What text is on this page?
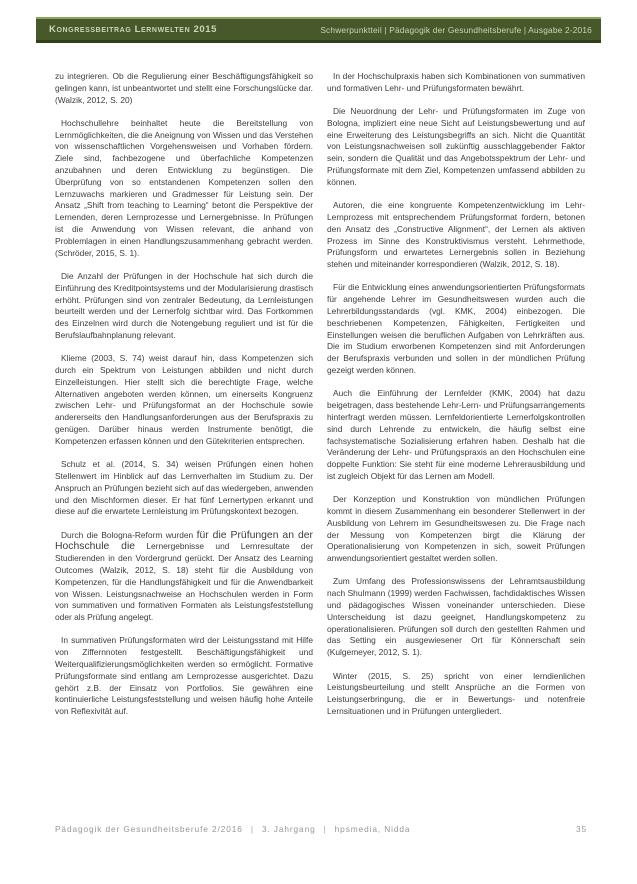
Kongressbeitrag Lernwelten 2015	Schwerpunktteil | Pädagogik der Gesundheitsberufe | Ausgabe 2-2016

zu integrieren. Ob die Regulierung einer Beschäftigungsfähigkeit so gelingen kann, ist unbeantwortet und stellt eine Forschungslücke dar. (Walzik, 2012, S. 20)

Hochschullehre beinhaltet heute die Bereitstellung von Lernmöglichkeiten, die die Aneignung von Wissen und das Verstehen von wissenschaftlichen Vorgehensweisen und Vorhaben fördern. Ziele sind, fachbezogene und überfachliche Kompetenzen anzubahnen und deren Entwicklung zu begünstigen. Die Überprüfung von so entstandenen Kompetenzen sollen den Lernzuwachs markieren und Gradmesser für Leistung sein. Der Ansatz „Shift from teaching to Learning“ betont die Perspektive der Lernenden, deren Lernprozesse und Lernergebnisse. In Prüfungen ist die Anwendung von Wissen relevant, die anhand von Problemlagen in einen Handlungszusammenhang gebracht werden. (Schröder, 2015, S. 1).

Die Anzahl der Prüfungen in der Hochschule hat sich durch die Einführung des Kreditpointsystems und der Modularisierung drastisch erhöht. Prüfungen sind von zentraler Bedeutung, da Lernleistungen beurteilt werden und der Lernerfolg sichtbar wird. Das Fortkommen des Einzelnen wird durch die Notengebung reguliert und ist für die Berufslaufbahnplanung relevant.

Klieme (2003, S. 74) weist darauf hin, dass Kompetenzen sich durch ein Spektrum von Leistungen abbilden und nicht durch Einzelleistungen. Hier stellt sich die berechtigte Frage, welche Alternativen angeboten werden können, um einerseits Kongruenz zwischen Lehr- und Prüfungsformat an der Hochschule sowie andererseits den Handlungsanforderungen aus der Berufspraxis zu genügen. Darüber hinaus werden Instrumente benötigt, die Kompetenzen erfassen können und den Gütekriterien entsprechen.

Schulz et al. (2014, S. 34) weisen Prüfungen einen hohen Stellenwert im Hinblick auf das Lernverhalten im Studium zu. Der Anspruch an Prüfungen bezieht sich auf das wiedergeben, anwenden und den Mischformen dieser. Er hat fünf Lernertypen erkannt und diese auf die erwartete Lernleistung im Prüfungskontext bezogen.

Durch die Bologna-Reform wurden für die Prüfungen an der Hochschule die Lernergebnisse und Lernresultate der Studierenden in den Vordergrund gerückt. Der Ansatz des Learning Outcomes (Walzik, 2012, S. 18) steht für die Ausbildung von Kompetenzen, für die Handlungsfähigkeit und für die Anwendbarkeit von Wissen. Leistungsnachweise an Hochschulen werden in Form von summativen und formativen Formaten als Leistungsfeststellung oder als Prüfung angelegt.

In summativen Prüfungsformaten wird der Leistungsstand mit Hilfe von Ziffernnoten festgestellt. Beschäftigungsfähigkeit und Weiterqualifizierungsmöglichkeiten werden so ermöglicht. Formative Prüfungsformate sind entlang am Lernprozesse ausgerichtet. Dazu gehört z.B. der Einsatz von Portfolios. Sie gewähren eine kontinuierliche Leistungsfeststellung und weisen häufig hohe Anteile von Reflexivität auf.

In der Hochschulpraxis haben sich Kombinationen von summativen und formativen Lehr- und Prüfungsformaten bewährt.

Die Neuordnung der Lehr- und Prüfungsformaten im Zuge von Bologna, impliziert eine neue Sicht auf Leistungsbewertung und auf eine Erweiterung des Leistungsbegriffs an sich. Nicht die Quantität von Leistungsnachweisen soll zukünftig ausschlaggebender Faktor sein, sondern die Qualität und das Angebotsspektrum der Lehr- und Prüfungsformate mit dem Ziel, Kompetenzen umfassend abbilden zu können.

Autoren, die eine kongruente Kompetenzentwicklung im Lehr-Lernprozess mit entsprechendem Prüfungsformat fordern, betonen den Ansatz des „Constructive Alignment“, der Lernen als aktiven Prozess im Sinne des Konstruktivismus versteht. Lehrmethode, Prüfungsform und erwartetes Lernergebnis sollen in Beziehung stehen und miteinander korrespondieren (Walzik, 2012, S. 18).

Für die Entwicklung eines anwendungsorientierten Prüfungsformats für angehende Lehrer im Gesundheitswesen wurden auch die Lehrerbildungsstandards (vgl. KMK, 2004) einbezogen. Die beschriebenen Kompetenzen, Fähigkeiten, Fertigkeiten und Einstellungen weisen die beruflichen Aufgaben von Lehrkräften aus. Die im Studium erworbenen Kompetenzen sind mit Anforderungen der Berufspraxis verbunden und sollen in der mündlichen Prüfung gezeigt werden können.

Auch die Einführung der Lernfelder (KMK, 2004) hat dazu beigetragen, dass bestehende Lehr-Lern- und Prüfungsarrangements hinterfragt werden müssen. Lernfeldorientierte Lernerfolgskontrollen sind durch Lehrende zu entwickeln, die häufig selbst eine fachsystematische Sozialisierung erfahren haben. Deshalb hat die Veränderung der Lehr- und Prüfungspraxis an den Hochschulen eine doppelte Funktion: Sie steht für eine moderne Lehrerausbildung und ist zugleich Objekt für das Lernen am Modell.

Der Konzeption und Konstruktion von mündlichen Prüfungen kommt in diesem Zusammenhang ein besonderer Stellenwert in der Ausbildung von Lehrern im Gesundheitswesen zu. Die Frage nach der Messung von Kompetenzen birgt die Klärung der Operationalisierung von Kompetenzen in sich, soweit Prüfungen anwendungsorientiert gestaltet werden sollen.

Zum Umfang des Professionswissens der Lehramtsausbildung nach Shulmann (1999) werden Fachwissen, fachdidaktisches Wissen und pädagogisches Wissen voneinander unterschieden. Diese Unterscheidung ist dazu geeignet, Handlungskompetenz zu operationalisieren. Prüfungen soll durch den gestellten Rahmen und das Setting ein ausgewiesener Ort für Könnerschaft sein (Kulgemeyer, 2012, S. 1).

Winter (2015, S. 25) spricht von einer lerndienlichen Leistungsbeurteilung und stellt Ansprüche an die Formen von Leistungserbringung, die er in Bewertungs- und notenfreie Lernsituationen und in Prüfungen untergliedert.

Pädagogik der Gesundheitsberufe 2/2016 | 3. Jahrgang | hpsmedia, Nidda	35
